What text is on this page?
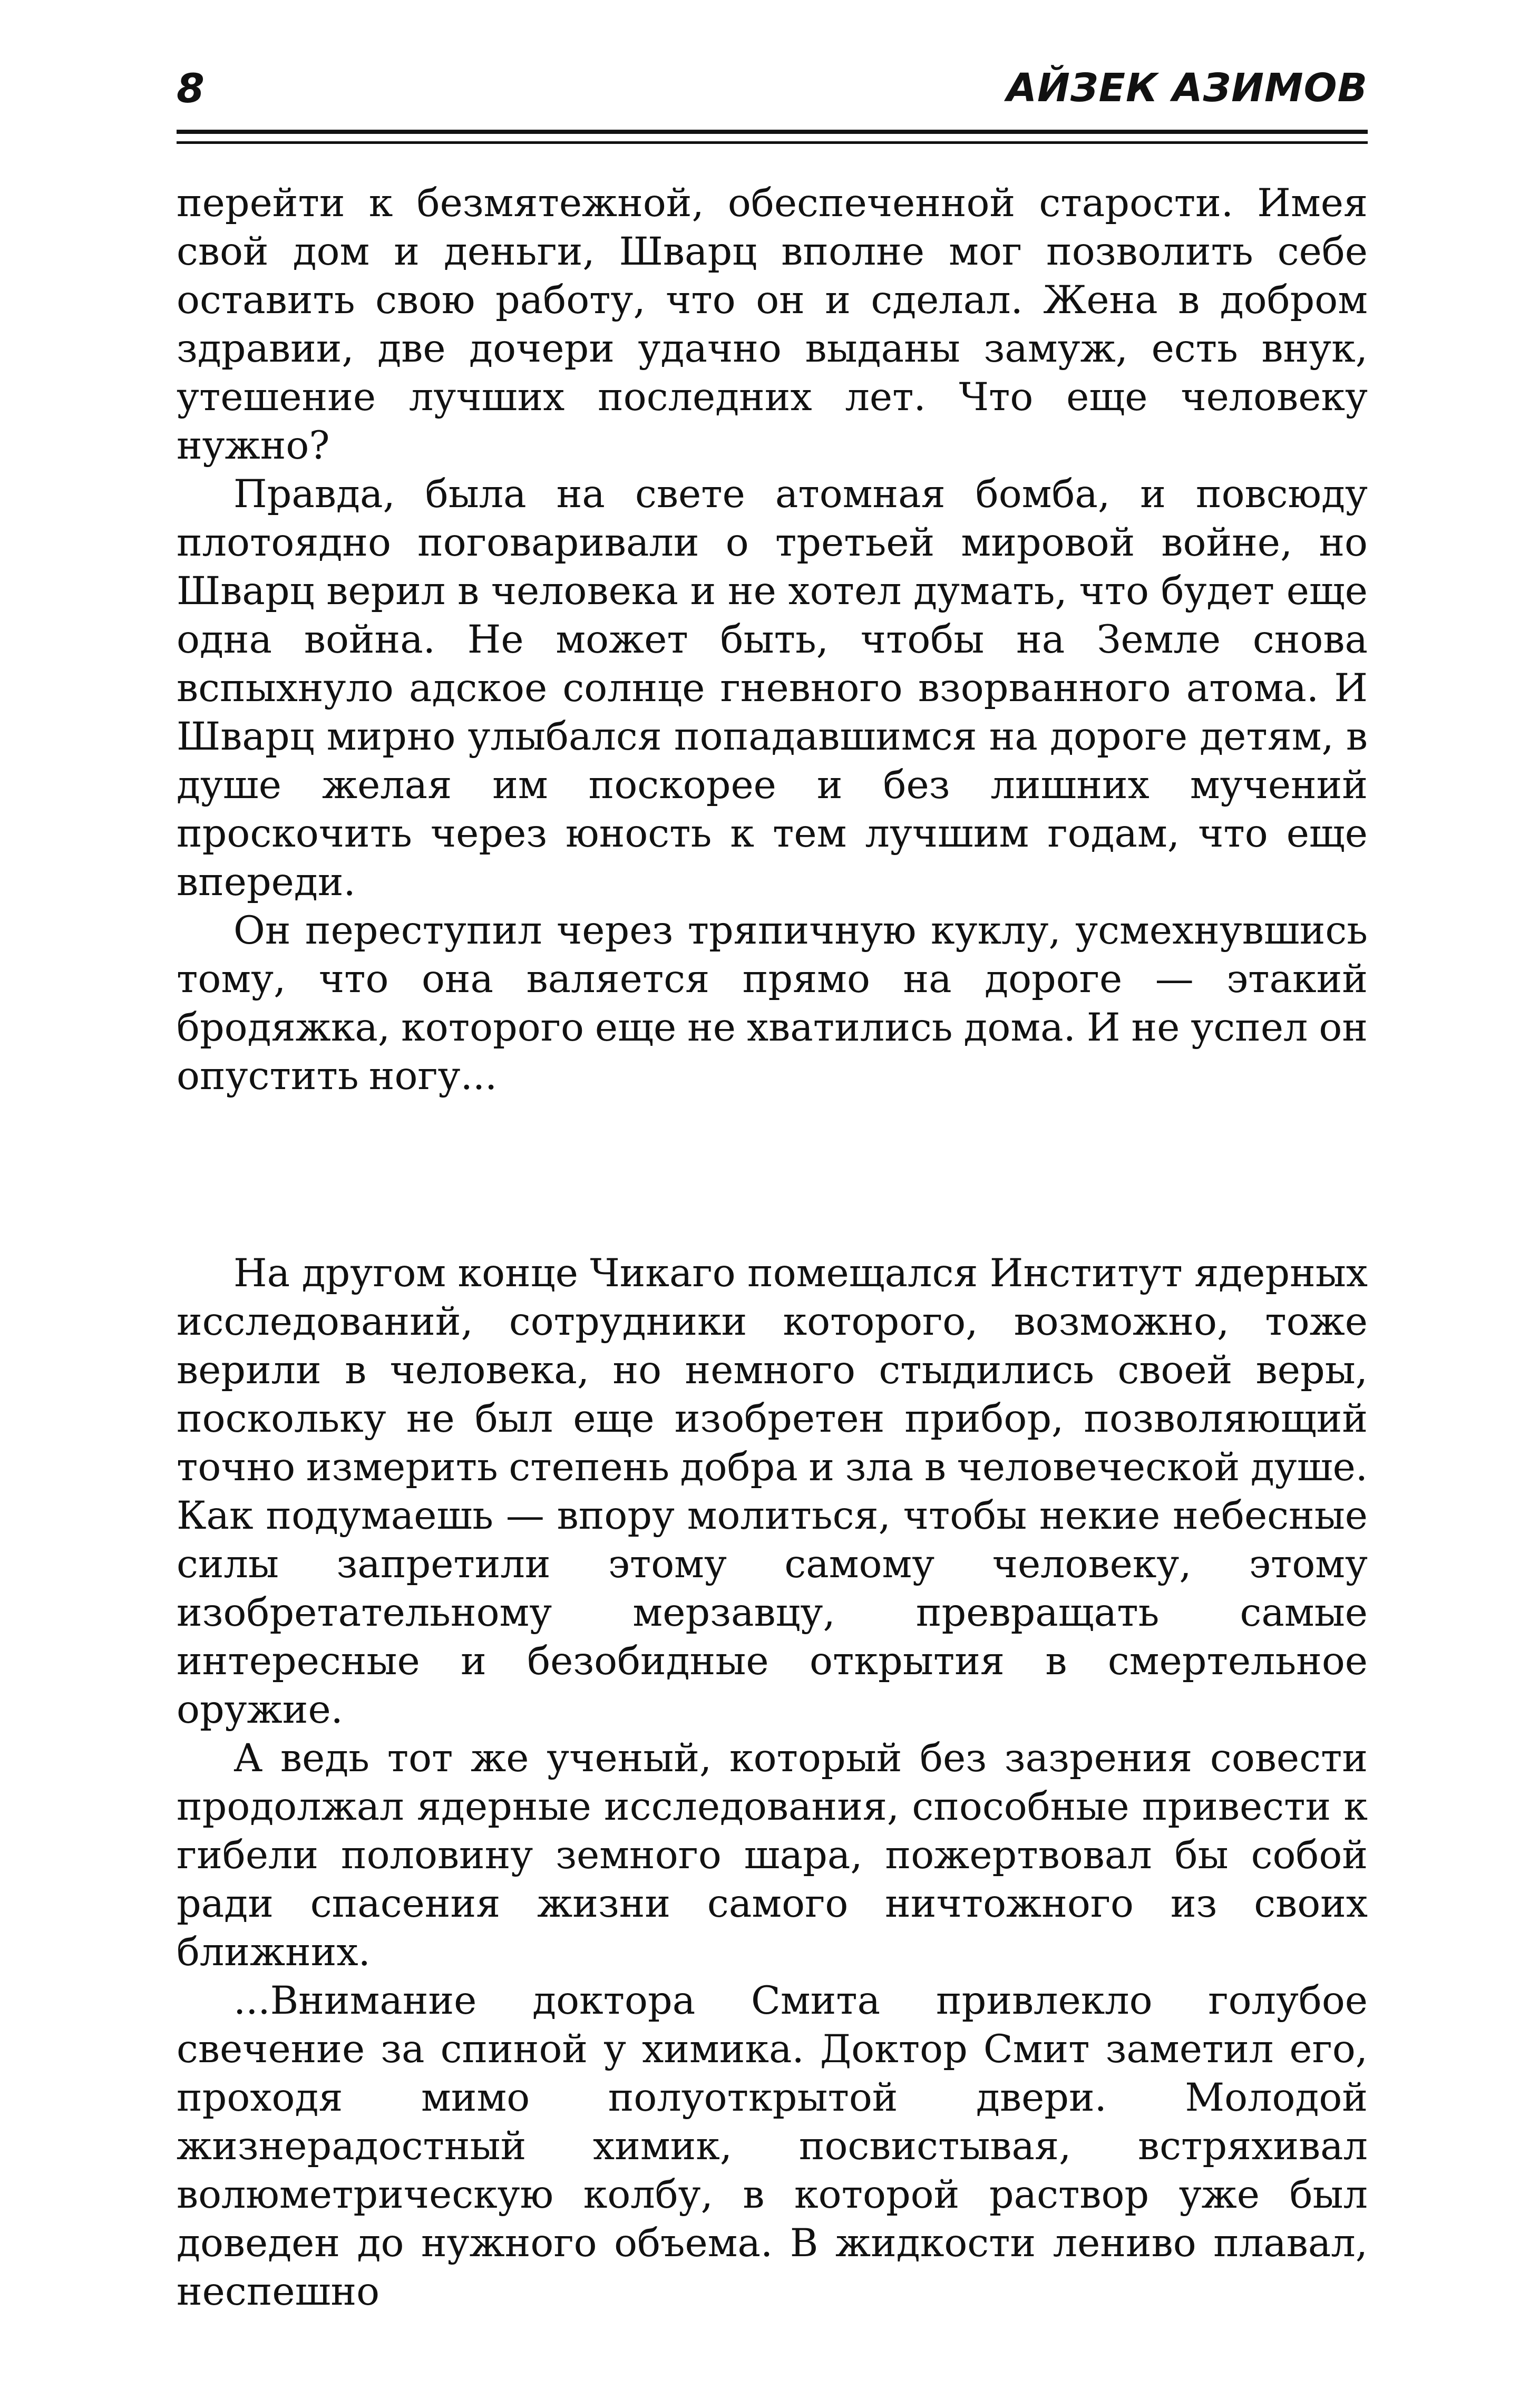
8	АЙЗЕК АЗИМОВ

перейти к безмятежной, обеспеченной старости. Имея свой дом и деньги, Шварц вполне мог позволить себе оставить свою работу, что он и сделал. Жена в добром здравии, две дочери удачно выданы замуж, есть внук, утешение лучших последних лет. Что еще человеку нужно?

Правда, была на свете атомная бомба, и повсюду плотоядно поговаривали о третьей мировой войне, но Шварц верил в человека и не хотел думать, что будет еще одна война. Не может быть, чтобы на Земле снова вспыхнуло адское солнце гневного взорванного атома. И Шварц мирно улыбался попадавшимся на дороге детям, в душе желая им поскорее и без лишних мучений проскочить через юность к тем лучшим годам, что еще впереди.

Он переступил через тряпичную куклу, усмехнувшись тому, что она валяется прямо на дороге — этакий бродяжка, которого еще не хватились дома. И не успел он опустить ногу...

На другом конце Чикаго помещался Институт ядерных исследований, сотрудники которого, возможно, тоже верили в человека, но немного стыдились своей веры, поскольку не был еще изобретен прибор, позволяющий точно измерить степень добра и зла в человеческой душе. Как подумаешь — впору молиться, чтобы некие небесные силы запретили этому самому человеку, этому изобретательному мерзавцу, превращать самые интересные и безобидные открытия в смертельное оружие.

А ведь тот же ученый, который без зазрения совести продолжал ядерные исследования, способные привести к гибели половину земного шара, пожертвовал бы собой ради спасения жизни самого ничтожного из своих ближних.

...Внимание доктора Смита привлекло голубое свечение за спиной у химика. Доктор Смит заметил его, проходя мимо полуоткрытой двери. Молодой жизнерадостный химик, посвистывая, встряхивал волюметрическую колбу, в которой раствор уже был доведен до нужного объема. В жидкости лениво плавал, неспешно
